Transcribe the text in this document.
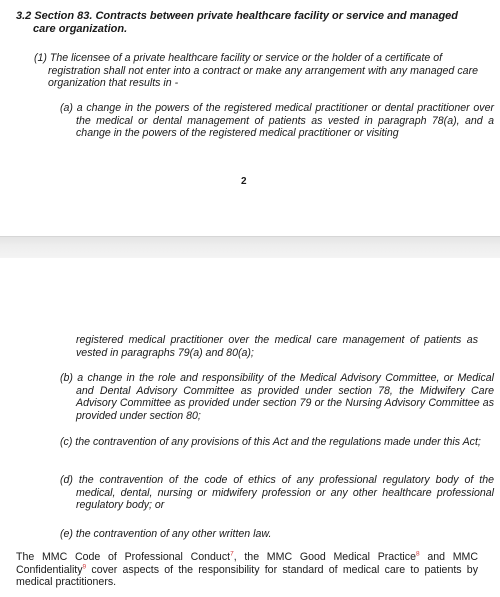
3.2 Section 83. Contracts between private healthcare facility or service and managed
care organization.
(1) The licensee of a private healthcare facility or service or the holder of a certificate of
registration shall not enter into a contract or make any arrangement with any managed care organization that results in -
(a) a change in the powers of the registered medical practitioner or dental practitioner over the medical or dental management of patients as vested in paragraph 78(a), and a change in the powers of the registered medical practitioner or visiting
2
registered medical practitioner over the medical care management of patients as vested in paragraphs 79(a) and 80(a);
(b) a change in the role and responsibility of the Medical Advisory Committee, or Medical and Dental Advisory Committee as provided under section 78, the Midwifery Care Advisory Committee as provided under section 79 or the Nursing Advisory Committee as provided under section 80;
(c) the contravention of any provisions of this Act and the regulations made under this Act;
(d) the contravention of the code of ethics of any professional regulatory body of the medical, dental, nursing or midwifery profession or any other healthcare professional regulatory body; or
(e) the contravention of any other written law.
The MMC Code of Professional Conduct$^7$, the MMC Good Medical Practice$^8$ and MMC Confidentiality$^9$ cover aspects of the responsibility for standard of medical care to patients by medical practitioners.
